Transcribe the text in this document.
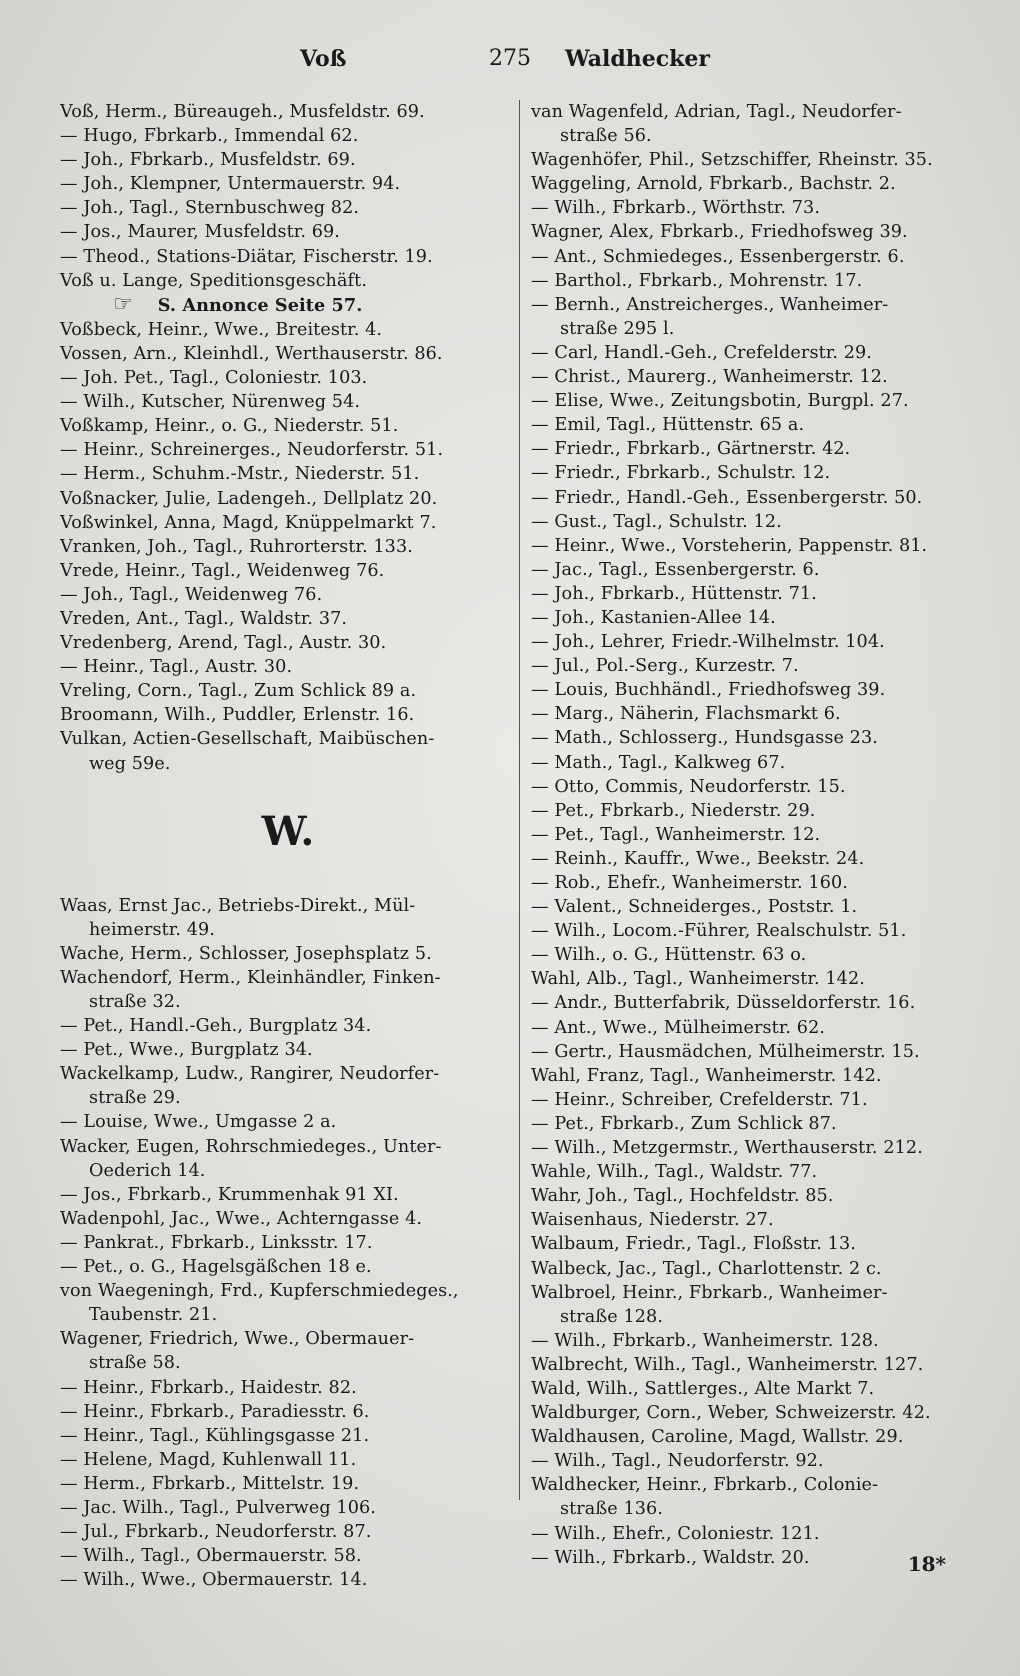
Voß	275	Waldhecker
Voß, Herm., Büreaugeh., Musfeldstr. 69.
— Hugo, Fbrkarb., Immendal 62.
— Joh., Fbrkarb., Musfeldstr. 69.
— Joh., Klempner, Untermauerstr. 94.
— Joh., Tagl., Sternbuschweg 82.
— Jos., Maurer, Musfeldstr. 69.
— Theod., Stations-Diätar, Fischerstr. 19.
Voß u. Lange, Speditionsgeschäft.
☞ S. Annonce Seite 57.
Voßbeck, Heinr., Wwe., Breitestr. 4.
Vossen, Arn., Kleinhdl., Werthauserstr. 86.
— Joh. Pet., Tagl., Coloniestr. 103.
— Wilh., Kutscher, Nürenweg 54.
Voßkamp, Heinr., o. G., Niederstr. 51.
— Heinr., Schreinerges., Neudorferstr. 51.
— Herm., Schuhm.-Mstr., Niederstr. 51.
Voßnacker, Julie, Ladengeh., Dellplatz 20.
Voßwinkel, Anna, Magd, Knüppelmarkt 7.
Vranken, Joh., Tagl., Ruhrorterstr. 133.
Vrede, Heinr., Tagl., Weidenweg 76.
— Joh., Tagl., Weidenweg 76.
Vreden, Ant., Tagl., Waldstr. 37.
Vredenberg, Arend, Tagl., Austr. 30.
— Heinr., Tagl., Austr. 30.
Vreling, Corn., Tagl., Zum Schlick 89 a.
Broomann, Wilh., Puddler, Erlenstr. 16.
Vulkan, Actien-Gesellschaft, Maibüschen-
weg 59e.
W.
Waas, Ernst Jac., Betriebs-Direkt., Mül-
heimerstr. 49.
Wache, Herm., Schlosser, Josephsplatz 5.
Wachendorf, Herm., Kleinhändler, Finken-
straße 32.
— Pet., Handl.-Geh., Burgplatz 34.
— Pet., Wwe., Burgplatz 34.
Wackelkamp, Ludw., Rangirer, Neudorfer-
straße 29.
— Louise, Wwe., Umgasse 2 a.
Wacker, Eugen, Rohrschmiedeges., Unter-
Oederich 14.
— Jos., Fbrkarb., Krummenhak 91 XI.
Wadenpohl, Jac., Wwe., Achterngasse 4.
— Pankrat., Fbrkarb., Linksstr. 17.
— Pet., o. G., Hagelsgäßchen 18 e.
von Waegeningh, Frd., Kupferschmiedeges.,
Taubenstr. 21.
Wagener, Friedrich, Wwe., Obermauer-
straße 58.
— Heinr., Fbrkarb., Haidestr. 82.
— Heinr., Fbrkarb., Paradiesstr. 6.
— Heinr., Tagl., Kühlingsgasse 21.
— Helene, Magd, Kuhlenwall 11.
— Herm., Fbrkarb., Mittelstr. 19.
— Jac. Wilh., Tagl., Pulverweg 106.
— Jul., Fbrkarb., Neudorferstr. 87.
— Wilh., Tagl., Obermauerstr. 58.
— Wilh., Wwe., Obermauerstr. 14.
van Wagenfeld, Adrian, Tagl., Neudorfer-
straße 56.
Wagenhöfer, Phil., Setzschiffer, Rheinstr. 35.
Waggeling, Arnold, Fbrkarb., Bachstr. 2.
— Wilh., Fbrkarb., Wörthstr. 73.
Wagner, Alex, Fbrkarb., Friedhofsweg 39.
— Ant., Schmiedeges., Essenbergerstr. 6.
— Barthol., Fbrkarb., Mohrenstr. 17.
— Bernh., Anstreicherges., Wanheimer-
straße 295 l.
— Carl, Handl.-Geh., Crefelderstr. 29.
— Christ., Maurerg., Wanheimerstr. 12.
— Elise, Wwe., Zeitungsbotin, Burgpl. 27.
— Emil, Tagl., Hüttenstr. 65 a.
— Friedr., Fbrkarb., Gärtnerstr. 42.
— Friedr., Fbrkarb., Schulstr. 12.
— Friedr., Handl.-Geh., Essenbergerstr. 50.
— Gust., Tagl., Schulstr. 12.
— Heinr., Wwe., Vorsteherin, Pappenstr. 81.
— Jac., Tagl., Essenbergerstr. 6.
— Joh., Fbrkarb., Hüttenstr. 71.
— Joh., Kastanien-Allee 14.
— Joh., Lehrer, Friedr.-Wilhelmstr. 104.
— Jul., Pol.-Serg., Kurzestr. 7.
— Louis, Buchhändl., Friedhofsweg 39.
— Marg., Näherin, Flachsmarkt 6.
— Math., Schlosserg., Hundsgasse 23.
— Math., Tagl., Kalkweg 67.
— Otto, Commis, Neudorferstr. 15.
— Pet., Fbrkarb., Niederstr. 29.
— Pet., Tagl., Wanheimerstr. 12.
— Reinh., Kauffr., Wwe., Beekstr. 24.
— Rob., Ehefr., Wanheimerstr. 160.
— Valent., Schneiderges., Poststr. 1.
— Wilh., Locom.-Führer, Realschulstr. 51.
— Wilh., o. G., Hüttenstr. 63 o.
Wahl, Alb., Tagl., Wanheimerstr. 142.
— Andr., Butterfabrik, Düsseldorferstr. 16.
— Ant., Wwe., Mülheimerstr. 62.
— Gertr., Hausmädchen, Mülheimerstr. 15.
Wahl, Franz, Tagl., Wanheimerstr. 142.
— Heinr., Schreiber, Crefelderstr. 71.
— Pet., Fbrkarb., Zum Schlick 87.
— Wilh., Metzgermstr., Werthauserstr. 212.
Wahle, Wilh., Tagl., Waldstr. 77.
Wahr, Joh., Tagl., Hochfeldstr. 85.
Waisenhaus, Niederstr. 27.
Walbaum, Friedr., Tagl., Floßstr. 13.
Walbeck, Jac., Tagl., Charlottenstr. 2 c.
Walbroel, Heinr., Fbrkarb., Wanheimer-
straße 128.
— Wilh., Fbrkarb., Wanheimerstr. 128.
Walbrecht, Wilh., Tagl., Wanheimerstr. 127.
Wald, Wilh., Sattlerges., Alte Markt 7.
Waldburger, Corn., Weber, Schweizerstr. 42.
Waldhausen, Caroline, Magd, Wallstr. 29.
— Wilh., Tagl., Neudorferstr. 92.
Waldhecker, Heinr., Fbrkarb., Colonie-
straße 136.
— Wilh., Ehefr., Coloniestr. 121.
— Wilh., Fbrkarb., Waldstr. 20.	18*
